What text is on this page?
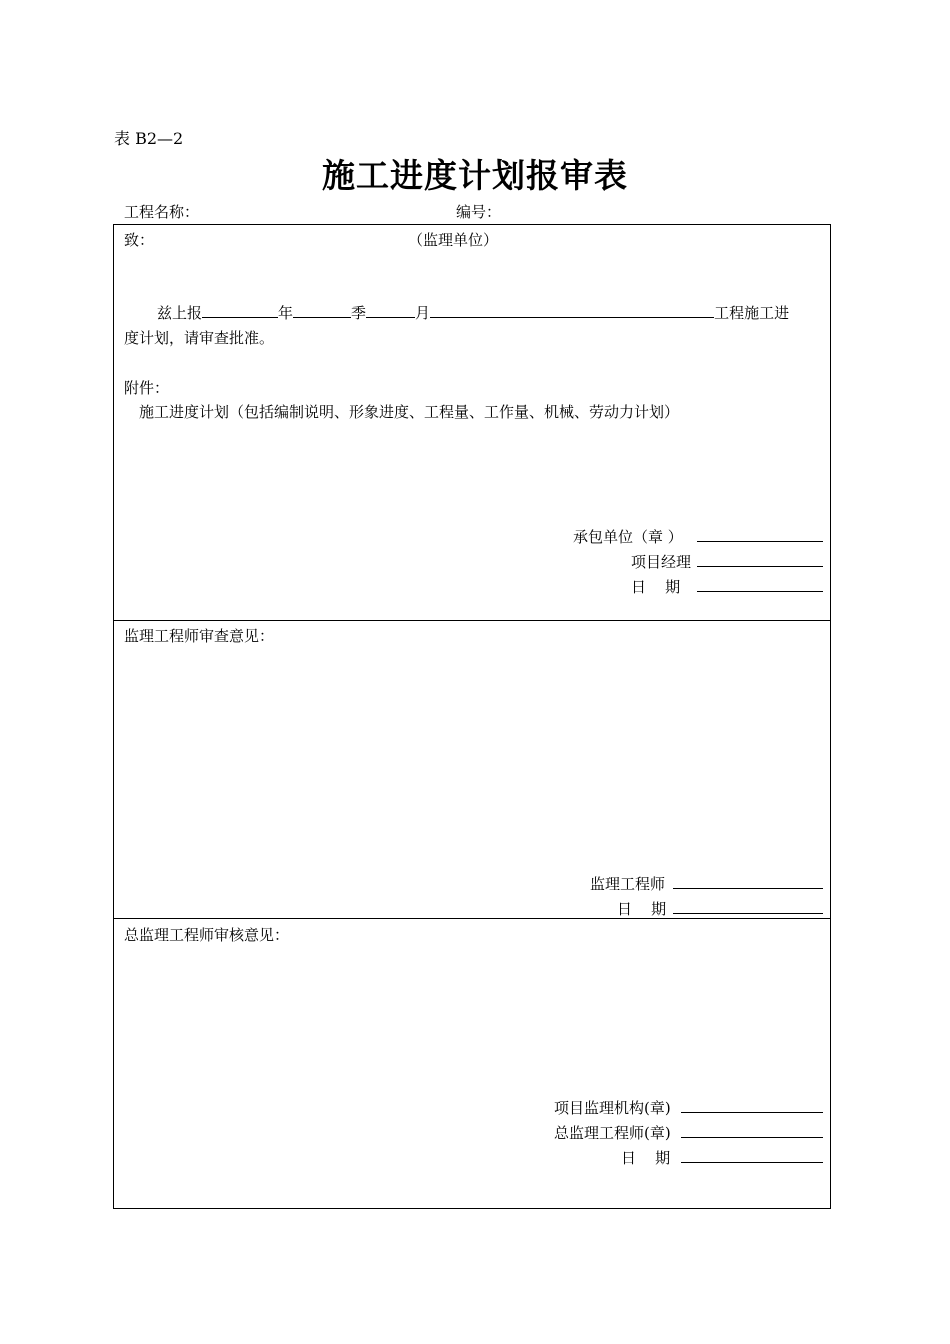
表 B2—2
施工进度计划报审表
工程名称：	编号：
致：	（监理单位）
兹上报	年	季	月	工程施工进
度计划，请审查批准。
附件：
施工进度计划（包括编制说明、形象进度、工程量、工作量、机械、劳动力计划）
承包单位（章 ）
项目经理
日    期
监理工程师审查意见：
监理工程师
日    期
总监理工程师审核意见：
项目监理机构(章)
总监理工程师(章)
日    期
